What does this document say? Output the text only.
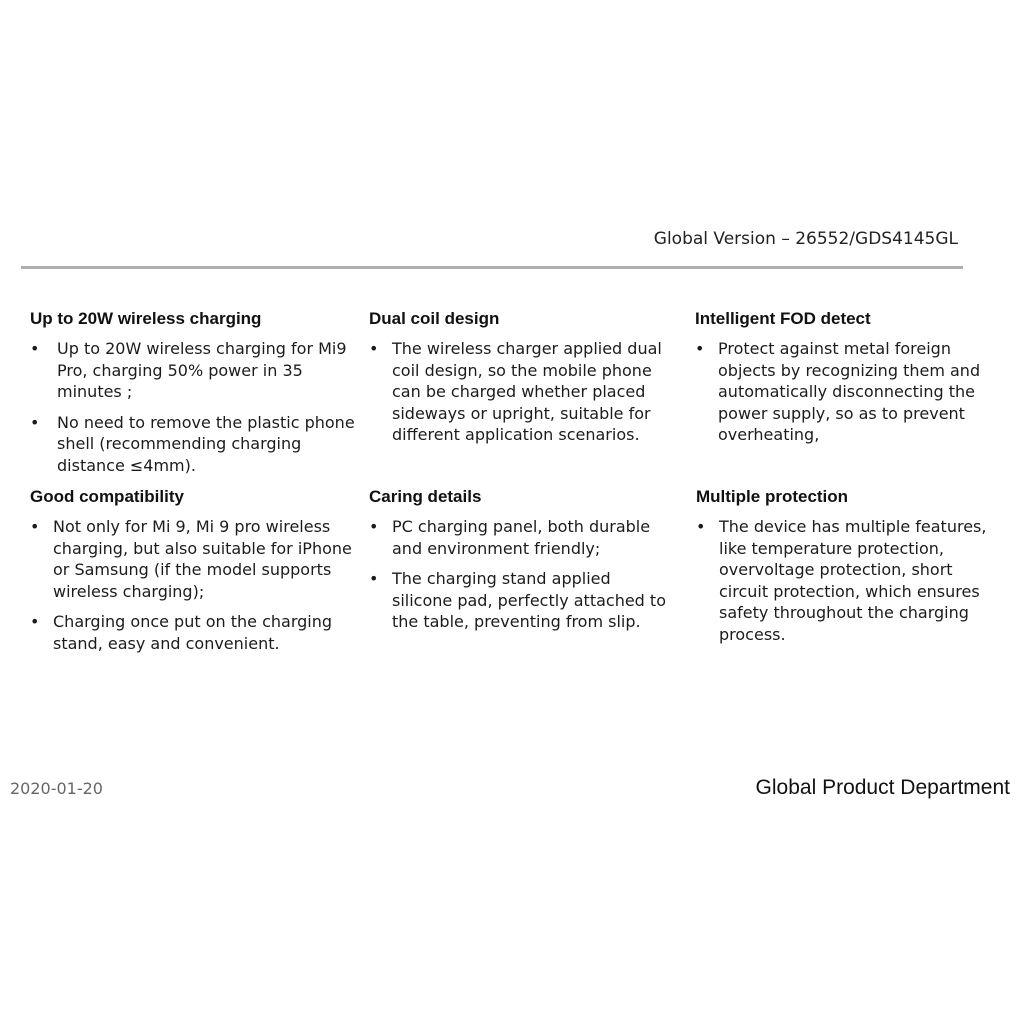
Global Version – 26552/GDS4145GL
Up to 20W wireless charging
• Up to 20W wireless charging for Mi9 Pro, charging 50% power in 35 minutes ;
• No need to remove the plastic phone shell (recommending charging distance ≤4mm).
Dual coil design
• The wireless charger applied dual coil design, so the mobile phone can be charged whether placed sideways or upright, suitable for different application scenarios.
Intelligent FOD detect
• Protect against metal foreign objects by recognizing them and automatically disconnecting the power supply, so as to prevent overheating,
Good compatibility
• Not only for Mi 9, Mi 9 pro wireless charging, but also suitable for iPhone or Samsung (if the model supports wireless charging);
• Charging once put on the charging stand, easy and convenient.
Caring details
• PC charging panel, both durable and environment friendly;
• The charging stand applied silicone pad, perfectly attached to the table, preventing from slip.
Multiple protection
• The device has multiple features, like temperature protection, overvoltage protection, short circuit protection, which ensures safety throughout the charging process.
2020-01-20	Global Product Department
